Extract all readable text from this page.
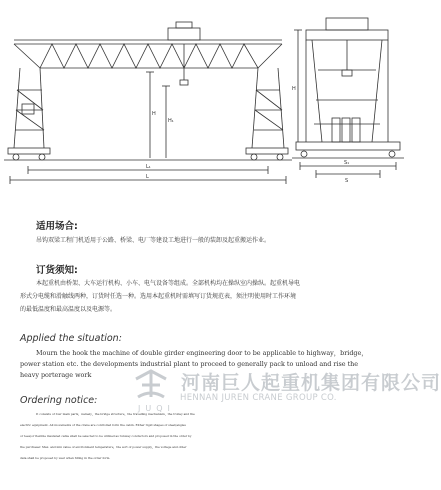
H
H₁
L₁
L
H
S₁
S
适用场合:
吊钩双梁工程门机适用于公路、桥梁、电厂等建设工地进行一般的装卸及起重搬运作业。
订货须知:
本起重机由桥架、大车运行机构、小车、电气设备等组成。全部机构均在操纵室内操纵。起重机导电
形式分电缆和滑触线两种，订货时任选一种。选用本起重机时需填写订货规范表，须注明使用时工作环境
的最低温度和最高温度以及电源等。
Applied the situation:
Mourn the hook the machine of double girder engineering door to be applicable to highway，bridge，
power station etc. the developments industrial plant to proceed to generally pack to unload and rise the
heavy porterage work	河南巨人起重机集团有限公司
HENNAN JUREN CRANE GROUP CO.
JUQI
Ordering notice:
It consists of four main parts，namely，the bridge structure，the travelling mechanism，the trolley and the
electric equipment. All movements of the crane are controlled form the cabin. Either rigid shapes of steel(angles
or tees)or flexible insulated cable shall be selected to be utilized as runway conductors and proposed in the order by
the purchaser. Max. and min value of environment temperature，the sort of power supply，the voltage and other
data shall be proposed by user when filling in the order form.
